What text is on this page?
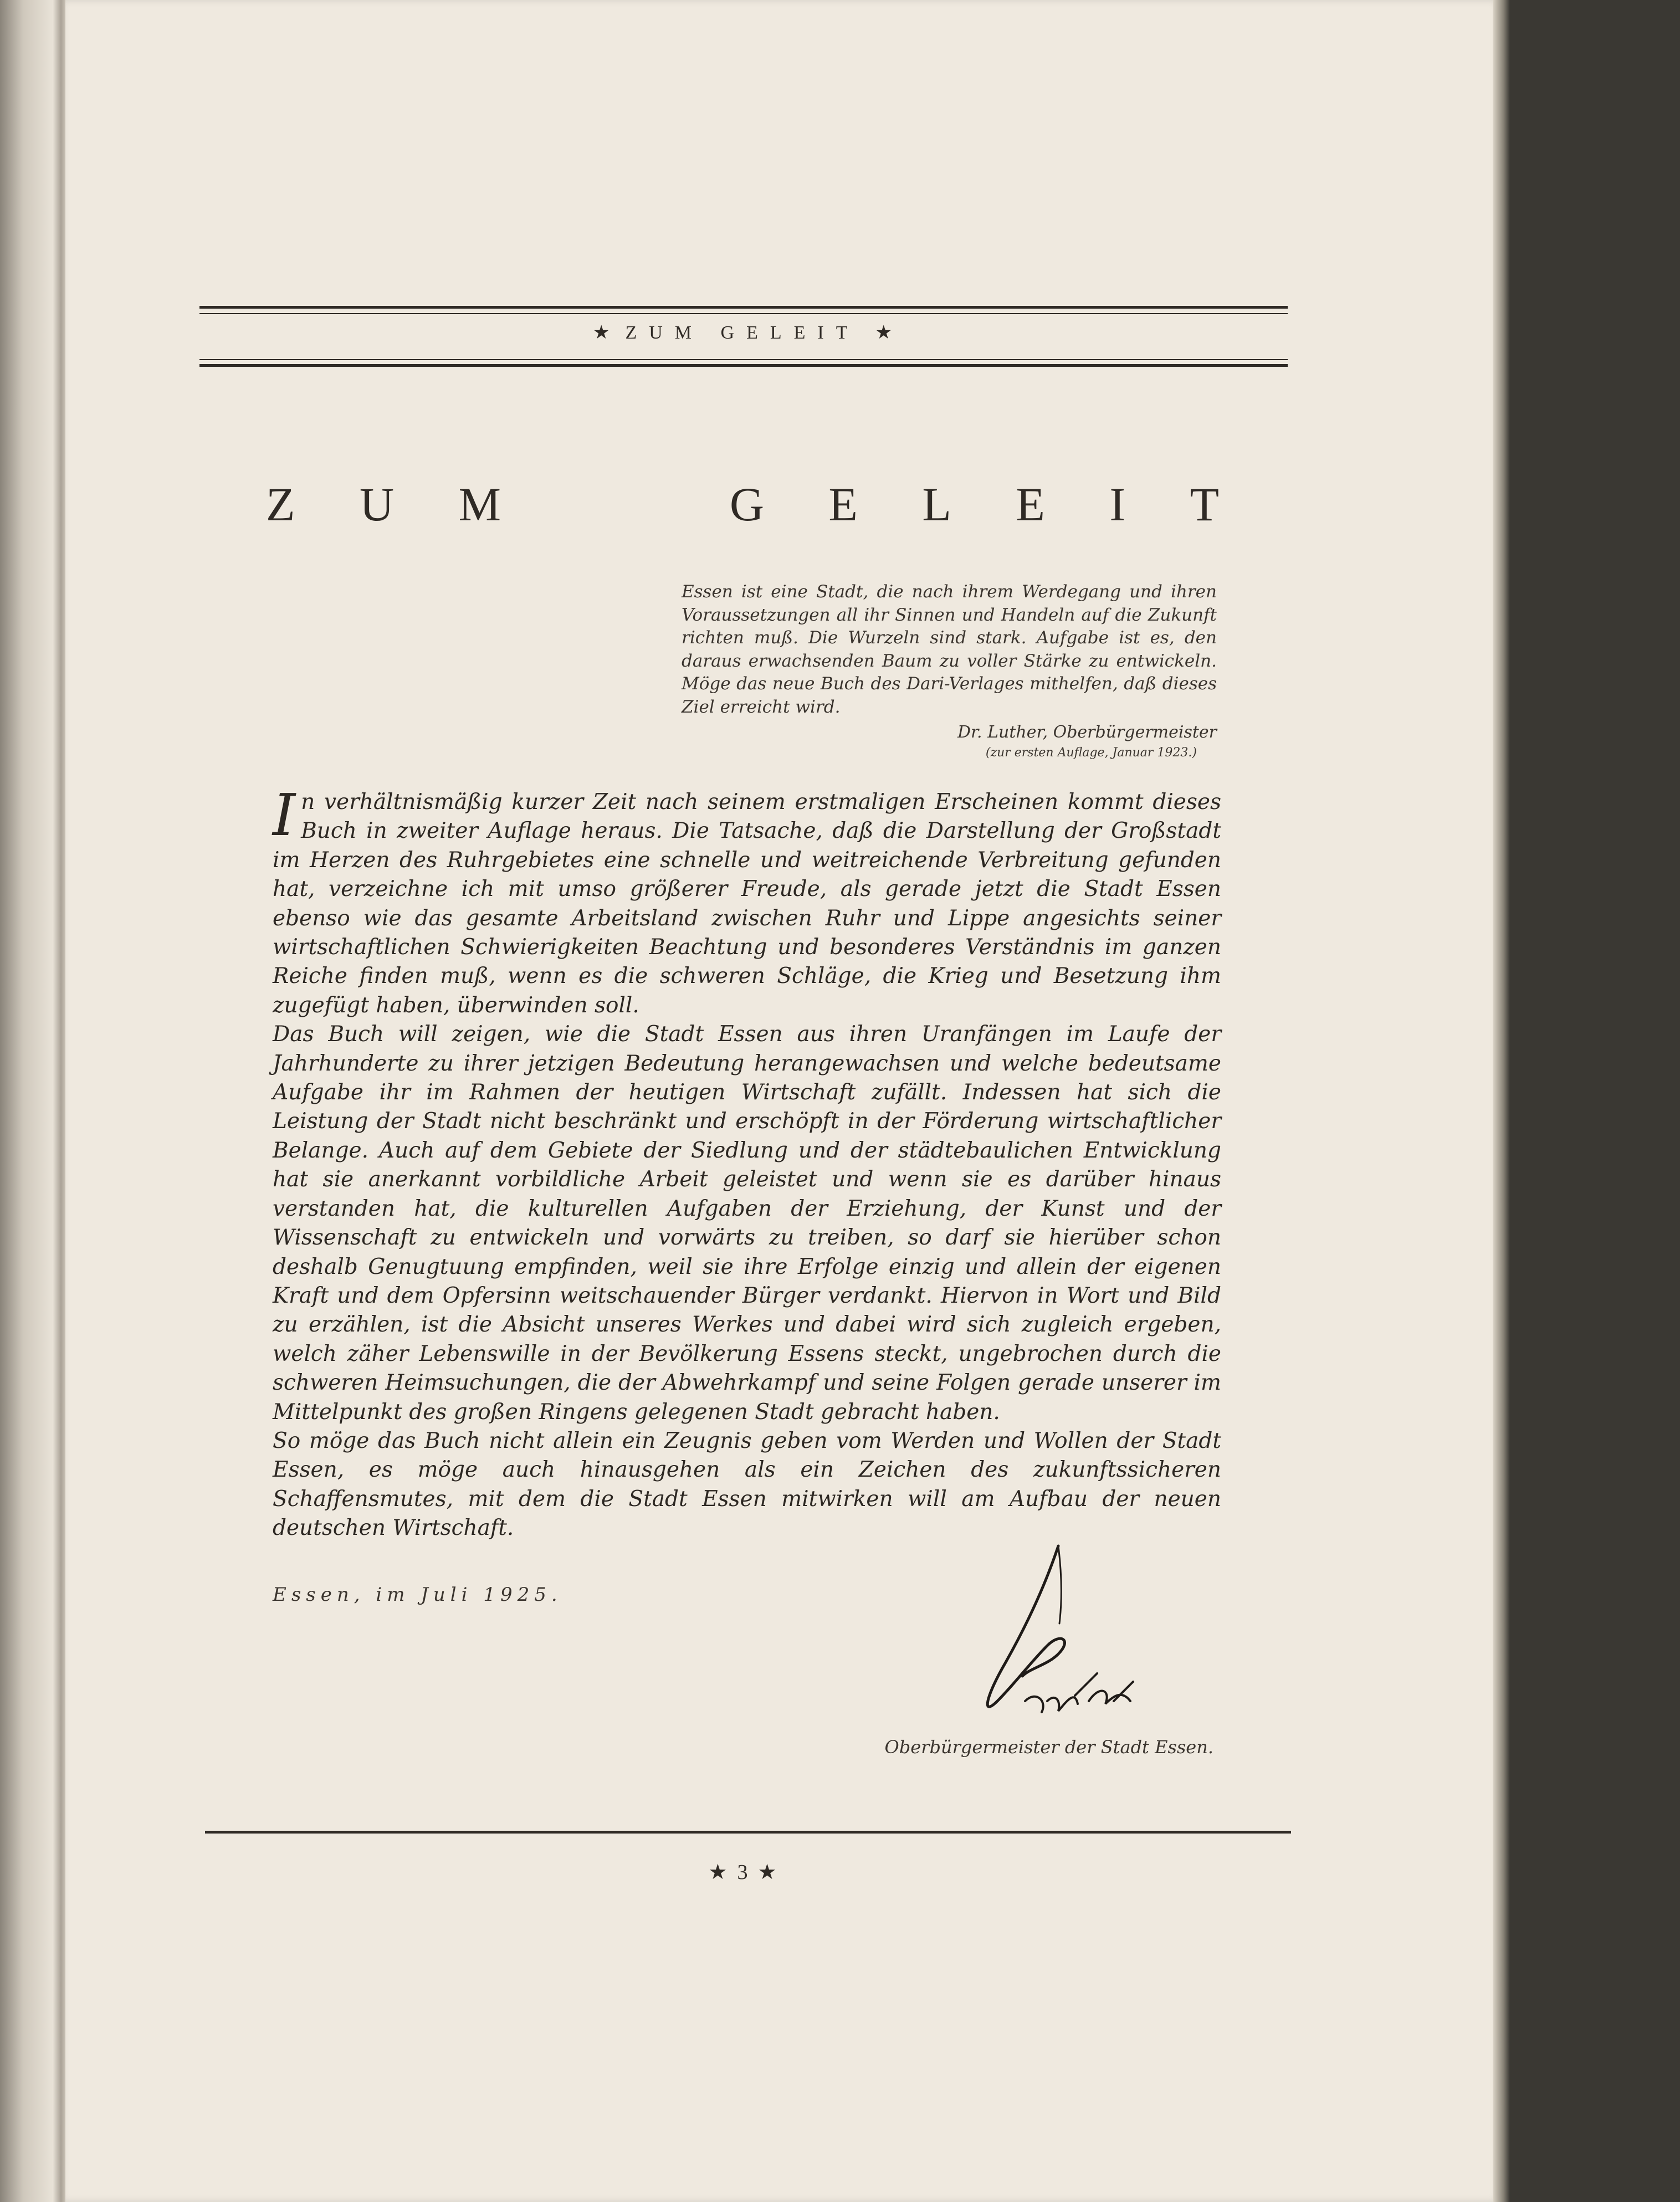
★ ZUM GELEIT ★
Z U M	G E L E I T
Essen ist eine Stadt, die nach ihrem Werdegang und ihren Voraussetzungen all ihr Sinnen und Handeln auf die Zukunft richten muß. Die Wurzeln sind stark. Aufgabe ist es, den daraus erwachsenden Baum zu voller Stärke zu entwickeln. Möge das neue Buch des Dari-Verlages mithelfen, daß dieses Ziel erreicht wird.
Dr. Luther, Oberbürgermeister
(zur ersten Auflage, Januar 1923.)

In verhältnismäßig kurzer Zeit nach seinem erstmaligen Erscheinen kommt dieses Buch in zweiter Auflage heraus. Die Tatsache, daß die Darstellung der Großstadt im Herzen des Ruhrgebietes eine schnelle und weitreichende Verbreitung gefunden hat, verzeichne ich mit umso größerer Freude, als gerade jetzt die Stadt Essen ebenso wie das gesamte Arbeitsland zwischen Ruhr und Lippe angesichts seiner wirtschaftlichen Schwierigkeiten Beachtung und besonderes Verständnis im ganzen Reiche finden muß, wenn es die schweren Schläge, die Krieg und Besetzung ihm zugefügt haben, überwinden soll.

Das Buch will zeigen, wie die Stadt Essen aus ihren Uranfängen im Laufe der Jahrhunderte zu ihrer jetzigen Bedeutung herangewachsen und welche bedeutsame Aufgabe ihr im Rahmen der heutigen Wirtschaft zufällt. Indessen hat sich die Leistung der Stadt nicht beschränkt und erschöpft in der Förderung wirtschaftlicher Belange. Auch auf dem Gebiete der Siedlung und der städtebaulichen Entwicklung hat sie anerkannt vorbildliche Arbeit geleistet und wenn sie es darüber hinaus verstanden hat, die kulturellen Aufgaben der Erziehung, der Kunst und der Wissenschaft zu entwickeln und vorwärts zu treiben, so darf sie hierüber schon deshalb Genugtuung empfinden, weil sie ihre Erfolge einzig und allein der eigenen Kraft und dem Opfersinn weitschauender Bürger verdankt. Hiervon in Wort und Bild zu erzählen, ist die Absicht unseres Werkes und dabei wird sich zugleich ergeben, welch zäher Lebenswille in der Bevölkerung Essens steckt, ungebrochen durch die schweren Heimsuchungen, die der Abwehrkampf und seine Folgen gerade unserer im Mittelpunkt des großen Ringens gelegenen Stadt gebracht haben.

So möge das Buch nicht allein ein Zeugnis geben vom Werden und Wollen der Stadt Essen, es möge auch hinausgehen als ein Zeichen des zukunftssicheren Schaffensmutes, mit dem die Stadt Essen mitwirken will am Aufbau der neuen deutschen Wirtschaft.

Essen, im Juli 1925.
Oberbürgermeister der Stadt Essen.
★ 3 ★
